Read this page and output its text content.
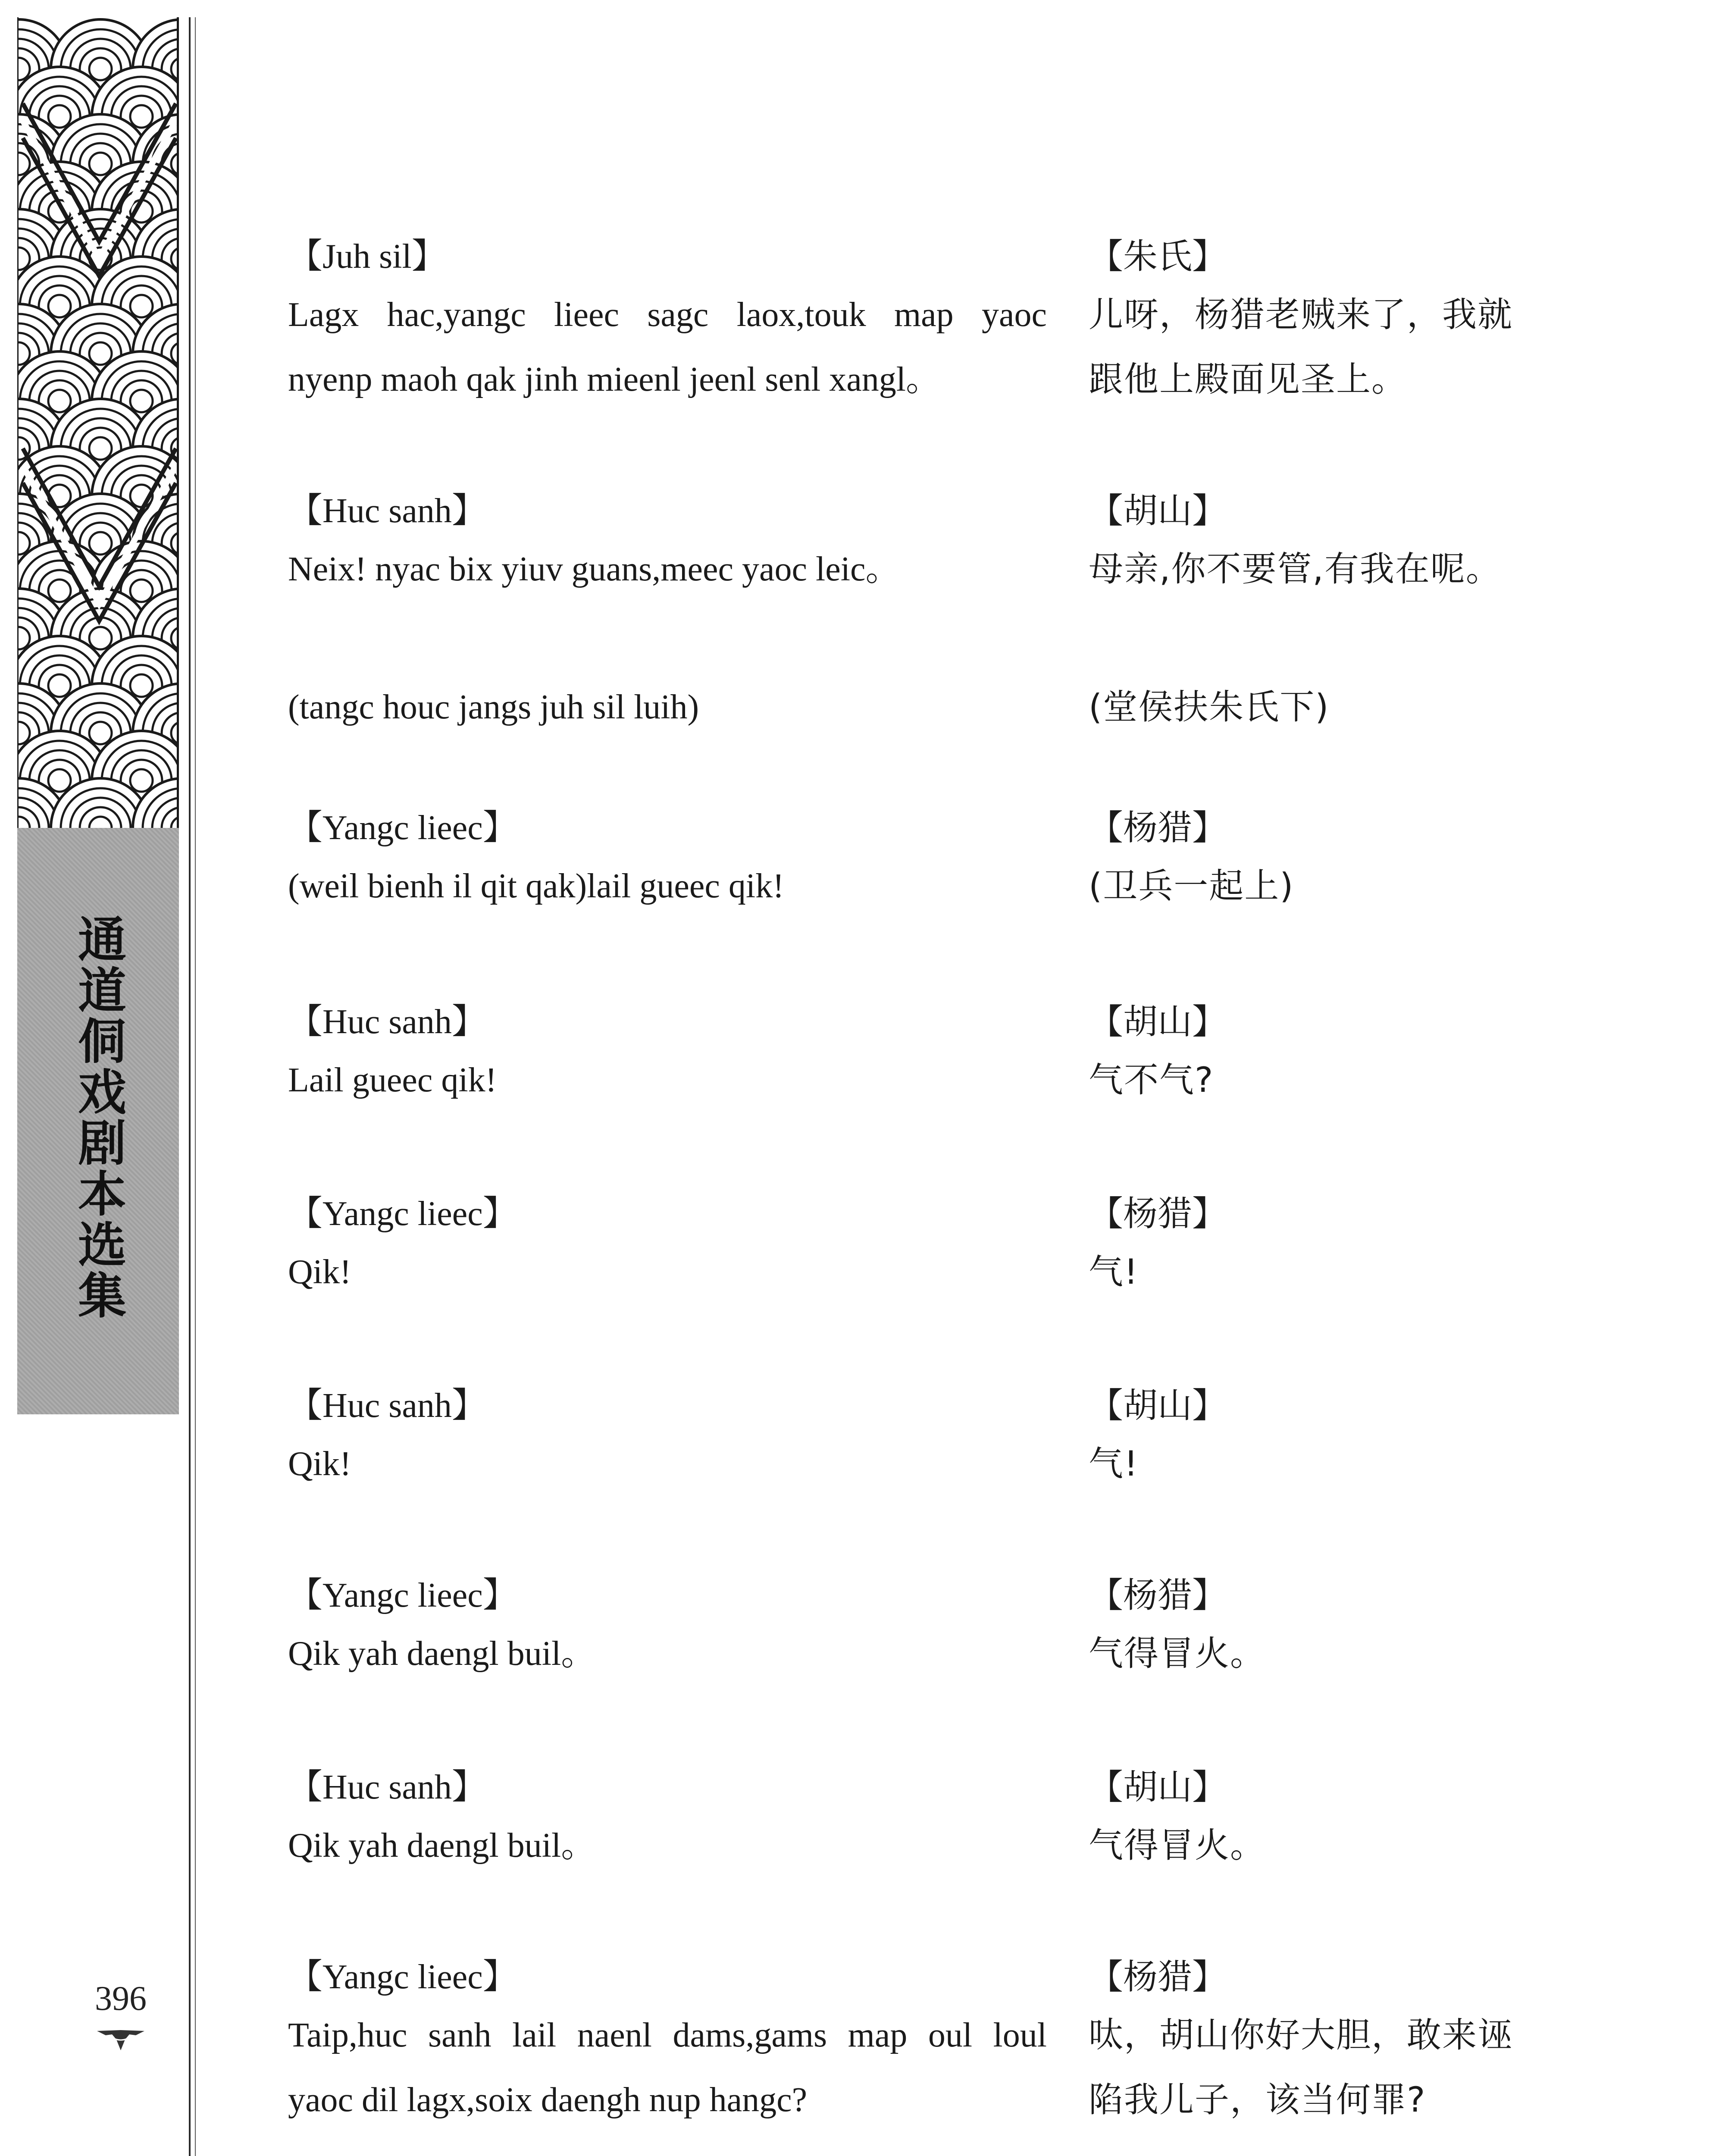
通道侗戏剧本选集
396
【Juh sil】
Lagx hac,yangc lieec sagc laox,touk map yaoc
nyenp maoh qak jinh mieenl jeenl senl xangl。
【朱氏】
儿呀，杨猎老贼来了，我就
跟他上殿面见圣上。
【Huc sanh】
Neix! nyac bix yiuv guans,meec yaoc leic。
【胡山】
母亲,你不要管,有我在呢。
(tangc houc jangs juh sil luih)	(堂侯扶朱氏下)
【Yangc lieec】
(weil bienh il qit qak)lail gueec qik!
【杨猎】
(卫兵一起上)
【Huc sanh】
Lail gueec qik!
【胡山】
气不气?
【Yangc lieec】
Qik!
【杨猎】
气!
【Huc sanh】
Qik!
【胡山】
气!
【Yangc lieec】
Qik yah daengl buil。
【杨猎】
气得冒火。
【Huc sanh】
Qik yah daengl buil。
【胡山】
气得冒火。
【Yangc lieec】
Taip,huc sanh lail naenl dams,gams map oul loul
yaoc dil lagx,soix daengh nup hangc?
【杨猎】
呔，胡山你好大胆，敢来诬
陷我儿子，该当何罪?
